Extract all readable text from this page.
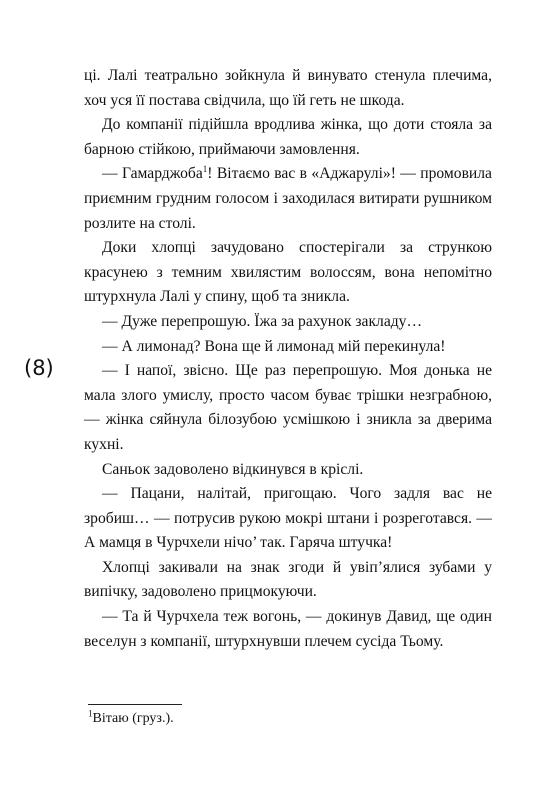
ці. Лалі театрально зойкнула й винувато стенула плечима, хоч уся її постава свідчила, що їй геть не шкода.

До компанії підійшла вродлива жінка, що доти стояла за барною стійкою, приймаючи замовлення.

— Гамарджоба$^1$! Вітаємо вас в «Аджарулі»! — промовила приємним грудним голосом і заходилася витирати рушником розлите на столі.

Доки хлопці зачудовано спостерігали за стрункою красунею з темним хвилястим волоссям, вона непомітно штурхнула Лалі у спину, щоб та зникла.

— Дуже перепрошую. Їжа за рахунок закладу…

— А лимонад? Вона ще й лимонад мій перекинула!

— І напої, звісно. Ще раз перепрошую. Моя донька не мала злого умислу, просто часом буває трішки незграбною, — жінка сяйнула білозубою усмішкою і зникла за дверима кухні.

Саньок задоволено відкинувся в кріслі.

— Пацани, налітай, пригощаю. Чого задля вас не зробиш… — потрусив рукою мокрі штани і розреготався. — А мамця в Чурчхели нічо’ так. Гаряча штучка!

Хлопці закивали на знак згоди й увіп’ялися зубами у випічку, задоволено прицмокуючи.

— Та й Чурчхела теж вогонь, — докинув Давид, ще один веселун з компанії, штурхнувши плечем сусіда Тьому.

(8)
$^1$Вітаю (груз.).
